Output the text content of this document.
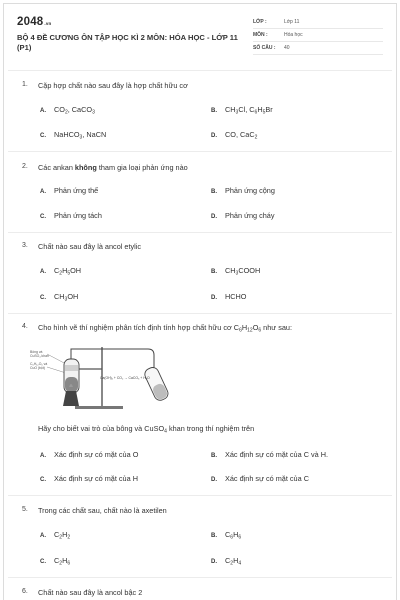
2048.vn
BỘ 4 ĐỀ CƯƠNG ÔN TẬP HỌC KÌ 2 MÔN: HÓA HỌC - LỚP 11 (P1)
LỚP :	Lớp 11
MÔN :	Hóa học
SỐ CÂU :	40
1. Cặp hợp chất nào sau đây là hợp chất hữu cơ
A. $CO_2$, CaCO$_3$	B. $CH_3Cl$, $C_6H_5Br$
C. NaHCO$_3$, NaCN	D. CO, CaC$_2$
2. Các ankan không tham gia loại phản ứng nào
A. Phản ứng thế	B. Phản ứng cộng
C. Phản ứng tách	D. Phản ứng cháy
3. Chất nào sau đây là ancol etylic
A. $C_2H_5OH$	B. $CH_3COOH$
C. $CH_3OH$	D. HCHO
4. Cho hình vẽ thí nghiệm phân tích định tính hợp chất hữu cơ $C_6H_{12}O_6$ như sau:
Bông và
CuSO₄ khan
C₆H₁₂O₆ và
CuO (bột)
Ca(OH)₂ + CO₂ → CaCO₃ + H₂O
Hãy cho biết vai trò của bông và CuSO$_4$ khan trong thí nghiệm trên
A. Xác định sự có mặt của O	B. Xác định sự có mặt của C và H.
C. Xác định sự có mặt của H	D. Xác định sự có mặt của C
5. Trong các chất sau, chất nào là axetilen
A. $C_2H_2$	B. $C_6H_6$
C. $C_2H_6$	D. $C_2H_4$
6. Chất nào sau đây là ancol bậc 2
